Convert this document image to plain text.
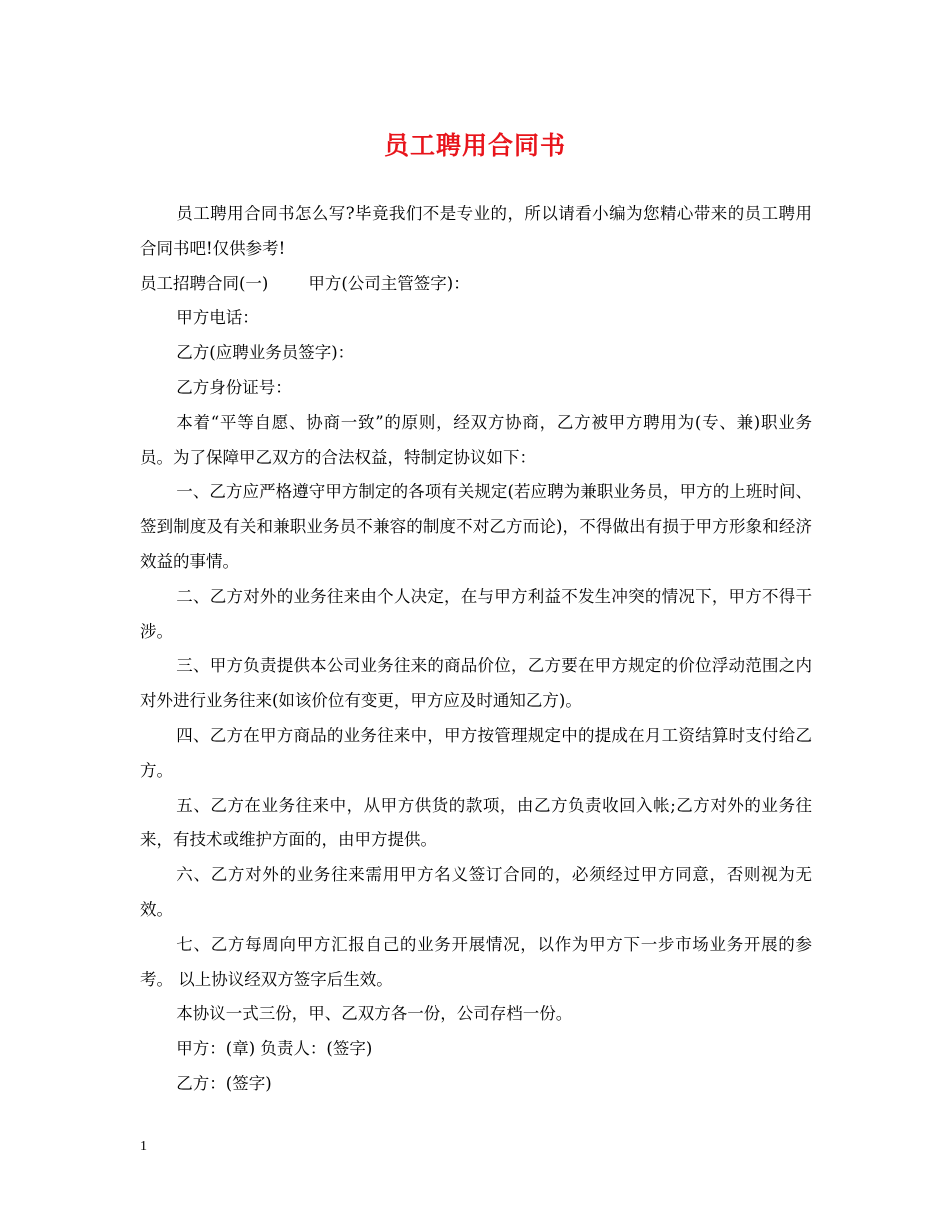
员工聘用合同书

员工聘用合同书怎么写?毕竟我们不是专业的，所以请看小编为您精心带来的员工聘用合同书吧!仅供参考!

员工招聘合同(一) 甲方(公司主管签字)：

甲方电话：

乙方(应聘业务员签字)：

乙方身份证号：

本着“平等自愿、协商一致”的原则，经双方协商，乙方被甲方聘用为(专、兼)职业务员。为了保障甲乙双方的合法权益，特制定协议如下：

一、乙方应严格遵守甲方制定的各项有关规定(若应聘为兼职业务员，甲方的上班时间、签到制度及有关和兼职业务员不兼容的制度不对乙方而论)，不得做出有损于甲方形象和经济效益的事情。

二、乙方对外的业务往来由个人决定，在与甲方利益不发生冲突的情况下，甲方不得干涉。

三、甲方负责提供本公司业务往来的商品价位，乙方要在甲方规定的价位浮动范围之内对外进行业务往来(如该价位有变更，甲方应及时通知乙方)。

四、乙方在甲方商品的业务往来中，甲方按管理规定中的提成在月工资结算时支付给乙方。

五、乙方在业务往来中，从甲方供货的款项，由乙方负责收回入帐;乙方对外的业务往来，有技术或维护方面的，由甲方提供。

六、乙方对外的业务往来需用甲方名义签订合同的，必须经过甲方同意，否则视为无效。

七、乙方每周向甲方汇报自己的业务开展情况，以作为甲方下一步市场业务开展的参考。 以上协议经双方签字后生效。

本协议一式三份，甲、乙双方各一份，公司存档一份。

甲方：(章) 负责人：(签字)

乙方：(签字)

1
